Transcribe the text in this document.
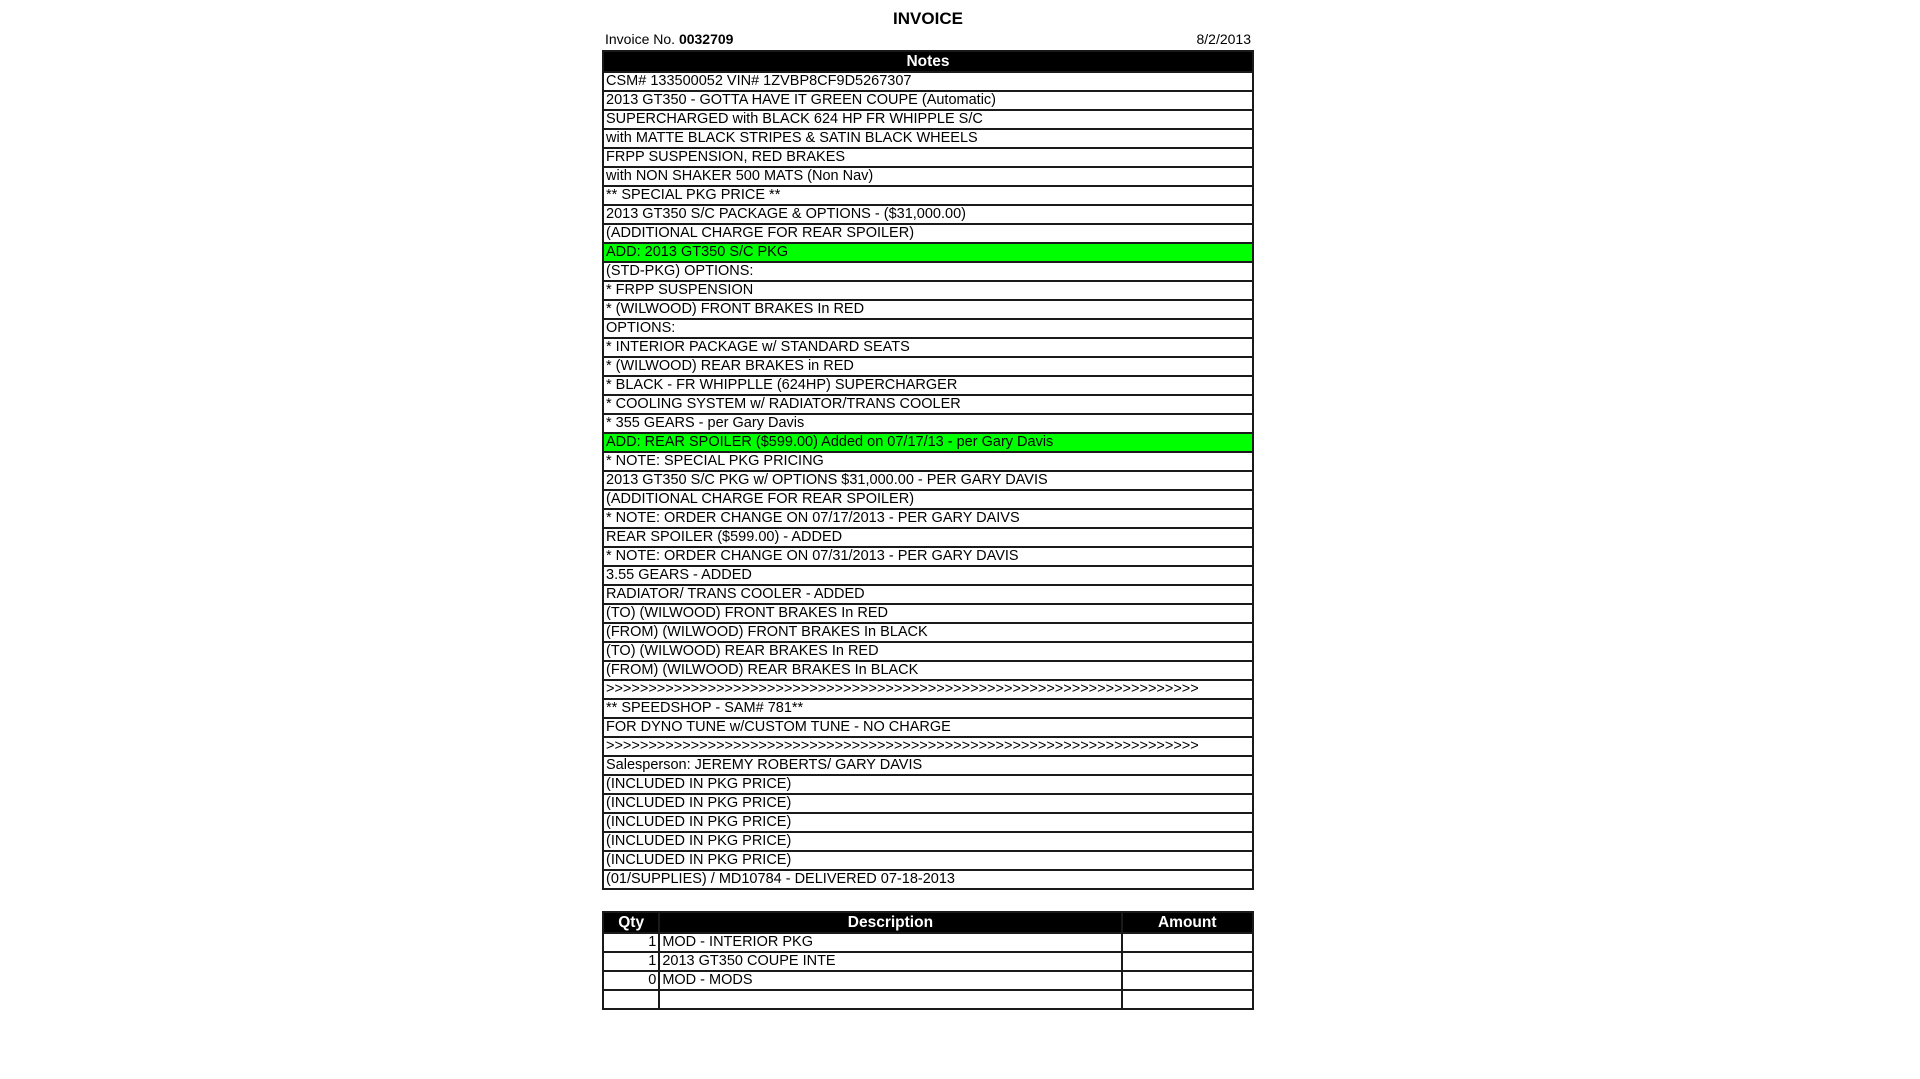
INVOICE
Invoice No. 0032709	8/2/2013
Notes
CSM# 133500052 VIN# 1ZVBP8CF9D5267307
2013 GT350 - GOTTA HAVE IT GREEN COUPE (Automatic)
SUPERCHARGED with BLACK 624 HP FR WHIPPLE S/C
with MATTE BLACK STRIPES & SATIN BLACK WHEELS
FRPP SUSPENSION, RED BRAKES
with NON SHAKER 500 MATS (Non Nav)
** SPECIAL PKG PRICE **
2013 GT350 S/C PACKAGE & OPTIONS - ($31,000.00)
(ADDITIONAL CHARGE FOR REAR SPOILER)
ADD: 2013 GT350 S/C PKG
(STD-PKG) OPTIONS:
* FRPP SUSPENSION
* (WILWOOD) FRONT BRAKES In RED
OPTIONS:
* INTERIOR PACKAGE w/ STANDARD SEATS
* (WILWOOD) REAR BRAKES in RED
* BLACK - FR WHIPPLLE (624HP) SUPERCHARGER
* COOLING SYSTEM w/ RADIATOR/TRANS COOLER
* 355 GEARS - per Gary Davis
ADD: REAR SPOILER ($599.00) Added on 07/17/13 - per Gary Davis
* NOTE: SPECIAL PKG PRICING
2013 GT350 S/C PKG w/ OPTIONS $31,000.00 - PER GARY DAVIS
(ADDITIONAL CHARGE FOR REAR SPOILER)
* NOTE: ORDER CHANGE ON 07/17/2013 - PER GARY DAIVS
REAR SPOILER ($599.00) - ADDED
* NOTE: ORDER CHANGE ON 07/31/2013 - PER GARY DAVIS
3.55 GEARS - ADDED
RADIATOR/ TRANS COOLER - ADDED
(TO) (WILWOOD) FRONT BRAKES In RED
(FROM) (WILWOOD) FRONT BRAKES In BLACK
(TO) (WILWOOD) REAR BRAKES In RED
(FROM) (WILWOOD) REAR BRAKES In BLACK
>>>>>>>>>>>>>>>>>>>>>>>>>>>>>>>>>>>>>>>>>>>>>>>>>>>>>>>>>>>>>>>>>>>>>>
** SPEEDSHOP - SAM# 781**
FOR DYNO TUNE w/CUSTOM TUNE - NO CHARGE
>>>>>>>>>>>>>>>>>>>>>>>>>>>>>>>>>>>>>>>>>>>>>>>>>>>>>>>>>>>>>>>>>>>>>>
Salesperson: JEREMY ROBERTS/ GARY DAVIS
(INCLUDED IN PKG PRICE)
(INCLUDED IN PKG PRICE)
(INCLUDED IN PKG PRICE)
(INCLUDED IN PKG PRICE)
(INCLUDED IN PKG PRICE)
(01/SUPPLIES) / MD10784 - DELIVERED 07-18-2013
Qty	Description	Amount
1	MOD - INTERIOR PKG	
1	2013 GT350 COUPE INTE	
0	MOD - MODS	
